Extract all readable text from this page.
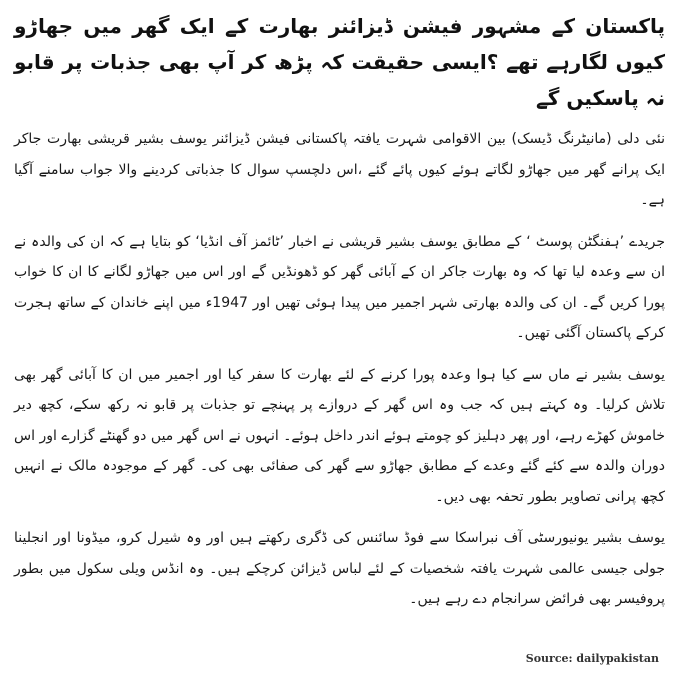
پاکستان کے مشہور فیشن ڈیزائنر بھارت کے ایک گھر میں جھاڑو کیوں لگارہے تھے ؟ایسی حقیقت کہ پڑھ کر آپ بھی جذبات پر قابو نہ پاسکیں گے

نئی دلی (مانیٹرنگ ڈیسک) بین الاقوامی شہرت یافتہ پاکستانی فیشن ڈیزائنر یوسف بشیر قریشی بھارت جاکر ایک پرانے گھر میں جھاڑو لگاتے ہوئے کیوں پائے گئے ،اس دلچسپ سوال کا جذباتی کردینے والا جواب سامنے آگیا ہے۔

جریدے ’ہفنگٹن پوسٹ ‘ کے مطابق یوسف بشیر قریشی نے اخبار ’ٹائمز آف انڈیا‘ کو بتایا ہے کہ ان کی والدہ نے ان سے وعدہ لیا تھا کہ وہ بھارت جاکر ان کے آبائی گھر کو ڈھونڈیں گے اور اس میں جھاڑو لگانے کا ان کا خواب پورا کریں گے۔ ان کی والدہ بھارتی شہر اجمیر میں پیدا ہوئی تھیں اور 1947ء میں اپنے خاندان کے ساتھ ہجرت کرکے پاکستان آگئی تھیں۔

یوسف بشیر نے ماں سے کیا ہوا وعدہ پورا کرنے کے لئے بھارت کا سفر کیا اور اجمیر میں ان کا آبائی گھر بھی تلاش کرلیا۔ وہ کہتے ہیں کہ جب وہ اس گھر کے دروازے پر پہنچے تو جذبات پر قابو نہ رکھ سکے، کچھ دیر خاموش کھڑے رہے، اور پھر دہلیز کو چومتے ہوئے اندر داخل ہوئے۔ انہوں نے اس گھر میں دو گھنٹے گزارے اور اس دوران والدہ سے کئے گئے وعدے کے مطابق جھاڑو سے گھر کی صفائی بھی کی۔ گھر کے موجودہ مالک نے انہیں کچھ پرانی تصاویر بطور تحفہ بھی دیں۔

یوسف بشیر یونیورسٹی آف نبراسکا سے فوڈ سائنس کی ڈگری رکھتے ہیں اور وہ شیرل کرو، میڈونا اور انجلینا جولی جیسی عالمی شہرت یافتہ شخصیات کے لئے لباس ڈیزائن کرچکے ہیں۔ وہ انڈس ویلی سکول میں بطور پروفیسر بھی فرائض سرانجام دے رہے ہیں۔

Source: dailypakistan
